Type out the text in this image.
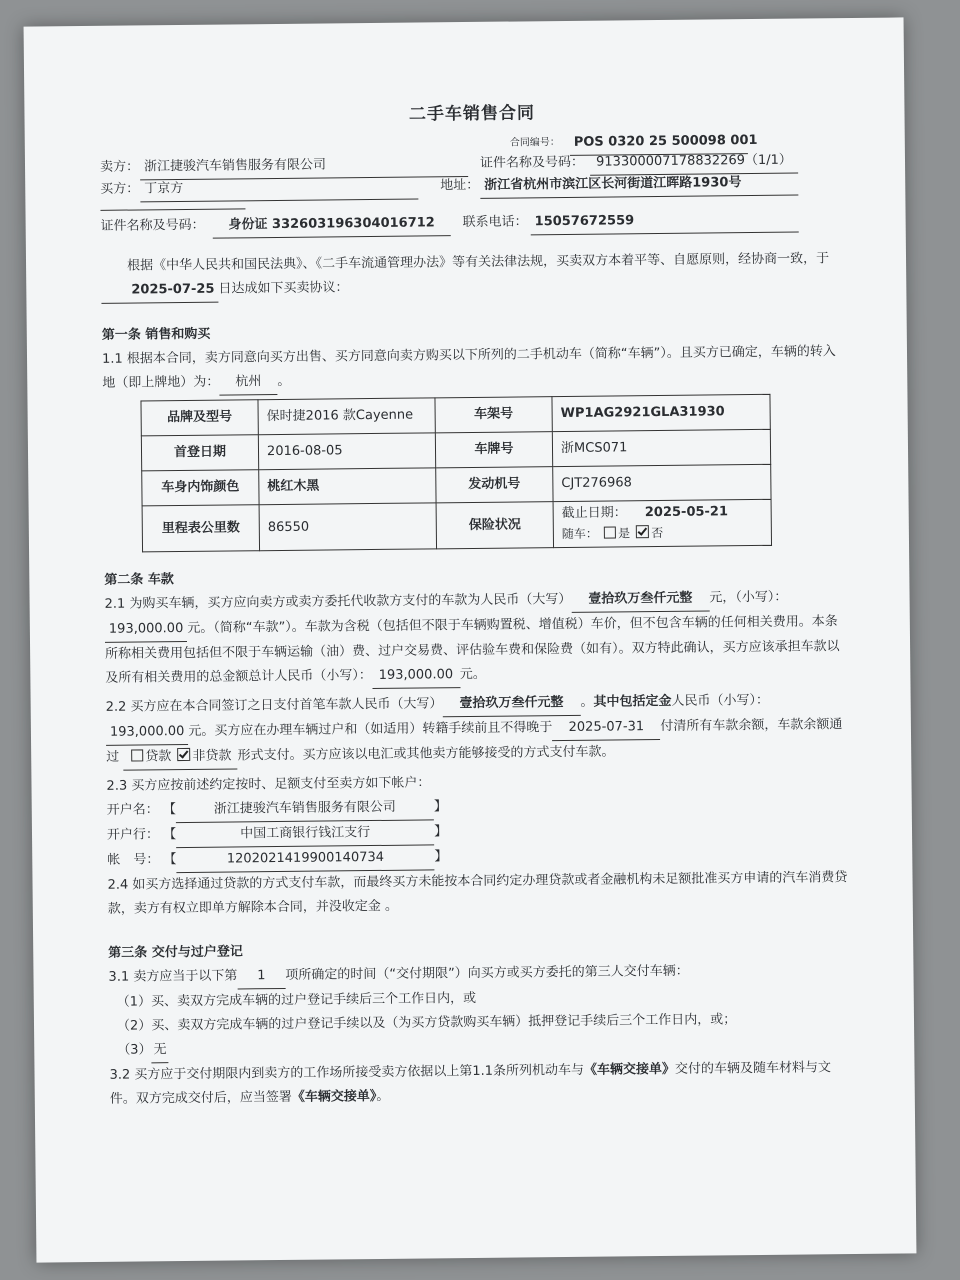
二手车销售合同
合同编号：	POS 0320 25 500098 001
卖方： 浙江捷骏汽车销售服务有限公司	证件名称及号码： 913300007178832269（1/1）
买方： 丁京方	地址： 浙江省杭州市滨江区长河街道江晖路1930号
证件名称及号码：	身份证 332603196304016712	联系电话： 15057672559

根据《中华人民共和国民法典》、《二手车流通管理办法》等有关法律法规，买卖双方本着平等、自愿原则，经协商一致，于2025-07-25 日达成如下买卖协议：

第一条 销售和购买

1.1 根据本合同，卖方同意向买方出售、买方同意向卖方购买以下所列的二手机动车（简称“车辆”）。且买方已确定，车辆的转入地（即上牌地）为： 杭州 。

品牌及型号	保时捷2016 款Cayenne	车架号	WP1AG2921GLA31930
首登日期	2016-08-05	车牌号	浙MCS071
车身内饰颜色	桃红木黑	发动机号	CJT276968
里程表公里数	86550	保险状况	截止日期： 2025-05-21
随车： 是 否
第二条 车款

2.1 为购买车辆，买方应向卖方或卖方委托代收款方支付的车款为人民币（大写） 壹拾玖万叁仟元整 元，（小写）：193,000.00 元。（简称“车款”）。车款为含税（包括但不限于车辆购置税、增值税）车价，但不包含车辆的任何相关费用。本条所称相关费用包括但不限于车辆运输（油）费、过户交易费、评估验车费和保险费（如有）。双方特此确认，买方应该承担车款以及所有相关费用的总金额总计人民币（小写）： 193,000.00 元。

2.2 买方应在本合同签订之日支付首笔车款人民币（大写） 壹拾玖万叁仟元整 。其中包括定金人民币（小写）：193,000.00 元。买方应在办理车辆过户和（如适用）转籍手续前且不得晚于 2025-07-31 付清所有车款余额，车款余额通过 贷款 非贷款 形式支付。买方应该以电汇或其他卖方能够接受的方式支付车款。

2.3 买方应按前述约定按时、足额支付至卖方如下帐户：

开户名： 【	浙江捷骏汽车销售服务有限公司	】
开户行： 【	中国工商银行钱江支行	】
帐　号： 【	1202021419900140734	】

2.4 如买方选择通过贷款的方式支付车款，而最终买方未能按本合同约定办理贷款或者金融机构未足额批准买方申请的汽车消费贷款，卖方有权立即单方解除本合同，并没收定金 。

第三条 交付与过户登记

3.1 卖方应当于以下第 1 项所确定的时间（“交付期限”）向买方或买方委托的第三人交付车辆：

（1）买、卖双方完成车辆的过户登记手续后三个工作日内，或

（2）买、卖双方完成车辆的过户登记手续以及（为买方贷款购买车辆）抵押登记手续后三个工作日内，或；

（3） 无

3.2 买方应于交付期限内到卖方的工作场所接受卖方依据以上第1.1条所列机动车与《车辆交接单》交付的车辆及随车材料与文件。双方完成交付后，应当签署《车辆交接单》。
